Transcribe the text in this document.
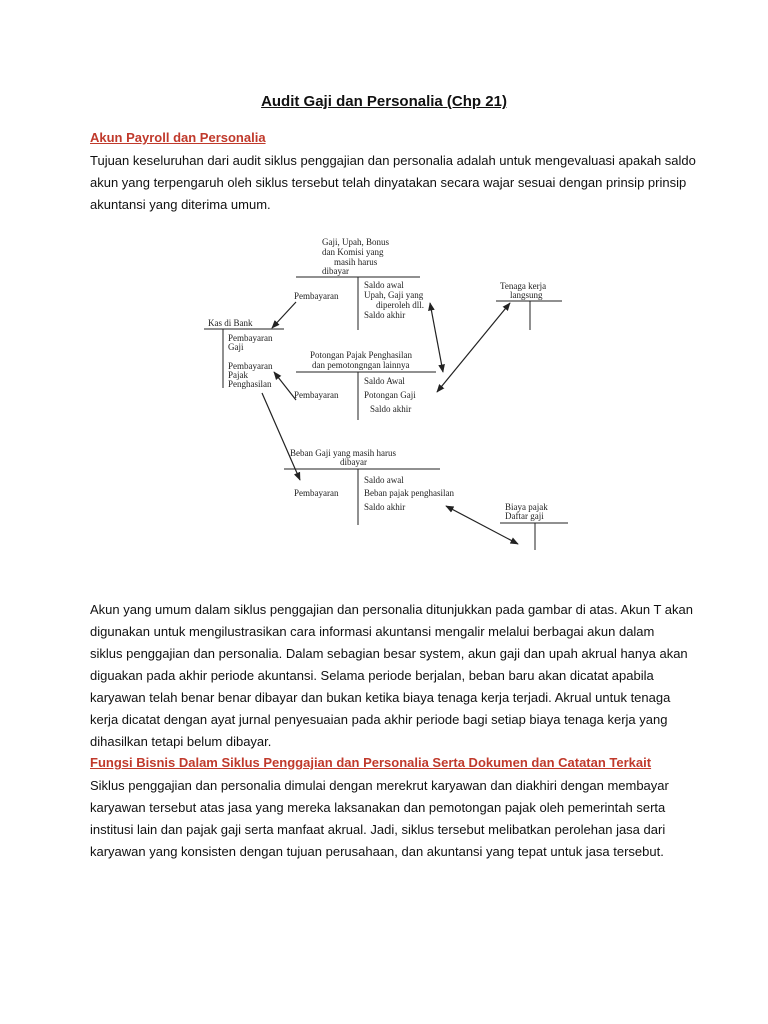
Audit Gaji dan Personalia (Chp 21)
Akun Payroll dan Personalia
Tujuan keseluruhan dari audit siklus penggajian dan personalia adalah untuk mengevaluasi apakah saldo
akun yang terpengaruh oleh siklus tersebut telah dinyatakan secara wajar sesuai dengan prinsip prinsip
akuntansi yang diterima umum.
Gaji, Upah, Bonus
dan Komisi yang
masih harus
dibayar
Pembayaran
Saldo awal
Upah, Gaji yang
diperoleh dll.
Saldo akhir
Tenaga kerja
langsung
Kas di Bank
Pembayaran
Gaji
Pembayaran
Pajak
Penghasilan
Potongan Pajak Penghasilan
dan pemotongngan lainnya
Pembayaran
Saldo Awal
Potongan Gaji
Saldo akhir
Beban Gaji yang masih harus
dibayar
Pembayaran
Saldo awal
Beban pajak penghasilan
Saldo akhir	Biaya pajak
Daftar gaji
Akun yang umum dalam siklus penggajian dan personalia ditunjukkan pada gambar di atas. Akun T akan
digunakan untuk mengilustrasikan cara informasi akuntansi mengalir melalui berbagai akun dalam
siklus penggajian dan personalia. Dalam sebagian besar system, akun gaji dan upah akrual hanya akan
diguakan pada akhir periode akuntansi. Selama periode berjalan, beban baru akan dicatat apabila
karyawan telah benar benar dibayar dan bukan ketika biaya tenaga kerja terjadi. Akrual untuk tenaga
kerja dicatat dengan ayat jurnal penyesuaian pada akhir periode bagi setiap biaya tenaga kerja yang
dihasilkan tetapi belum dibayar.
Fungsi Bisnis Dalam Siklus Penggajian dan Personalia Serta Dokumen dan Catatan Terkait
Siklus penggajian dan personalia dimulai dengan merekrut karyawan dan diakhiri dengan membayar
karyawan tersebut atas jasa yang mereka laksanakan dan pemotongan pajak oleh pemerintah serta
institusi lain dan pajak gaji serta manfaat akrual. Jadi, siklus tersebut melibatkan perolehan jasa dari
karyawan yang konsisten dengan tujuan perusahaan, dan akuntansi yang tepat untuk jasa tersebut.
